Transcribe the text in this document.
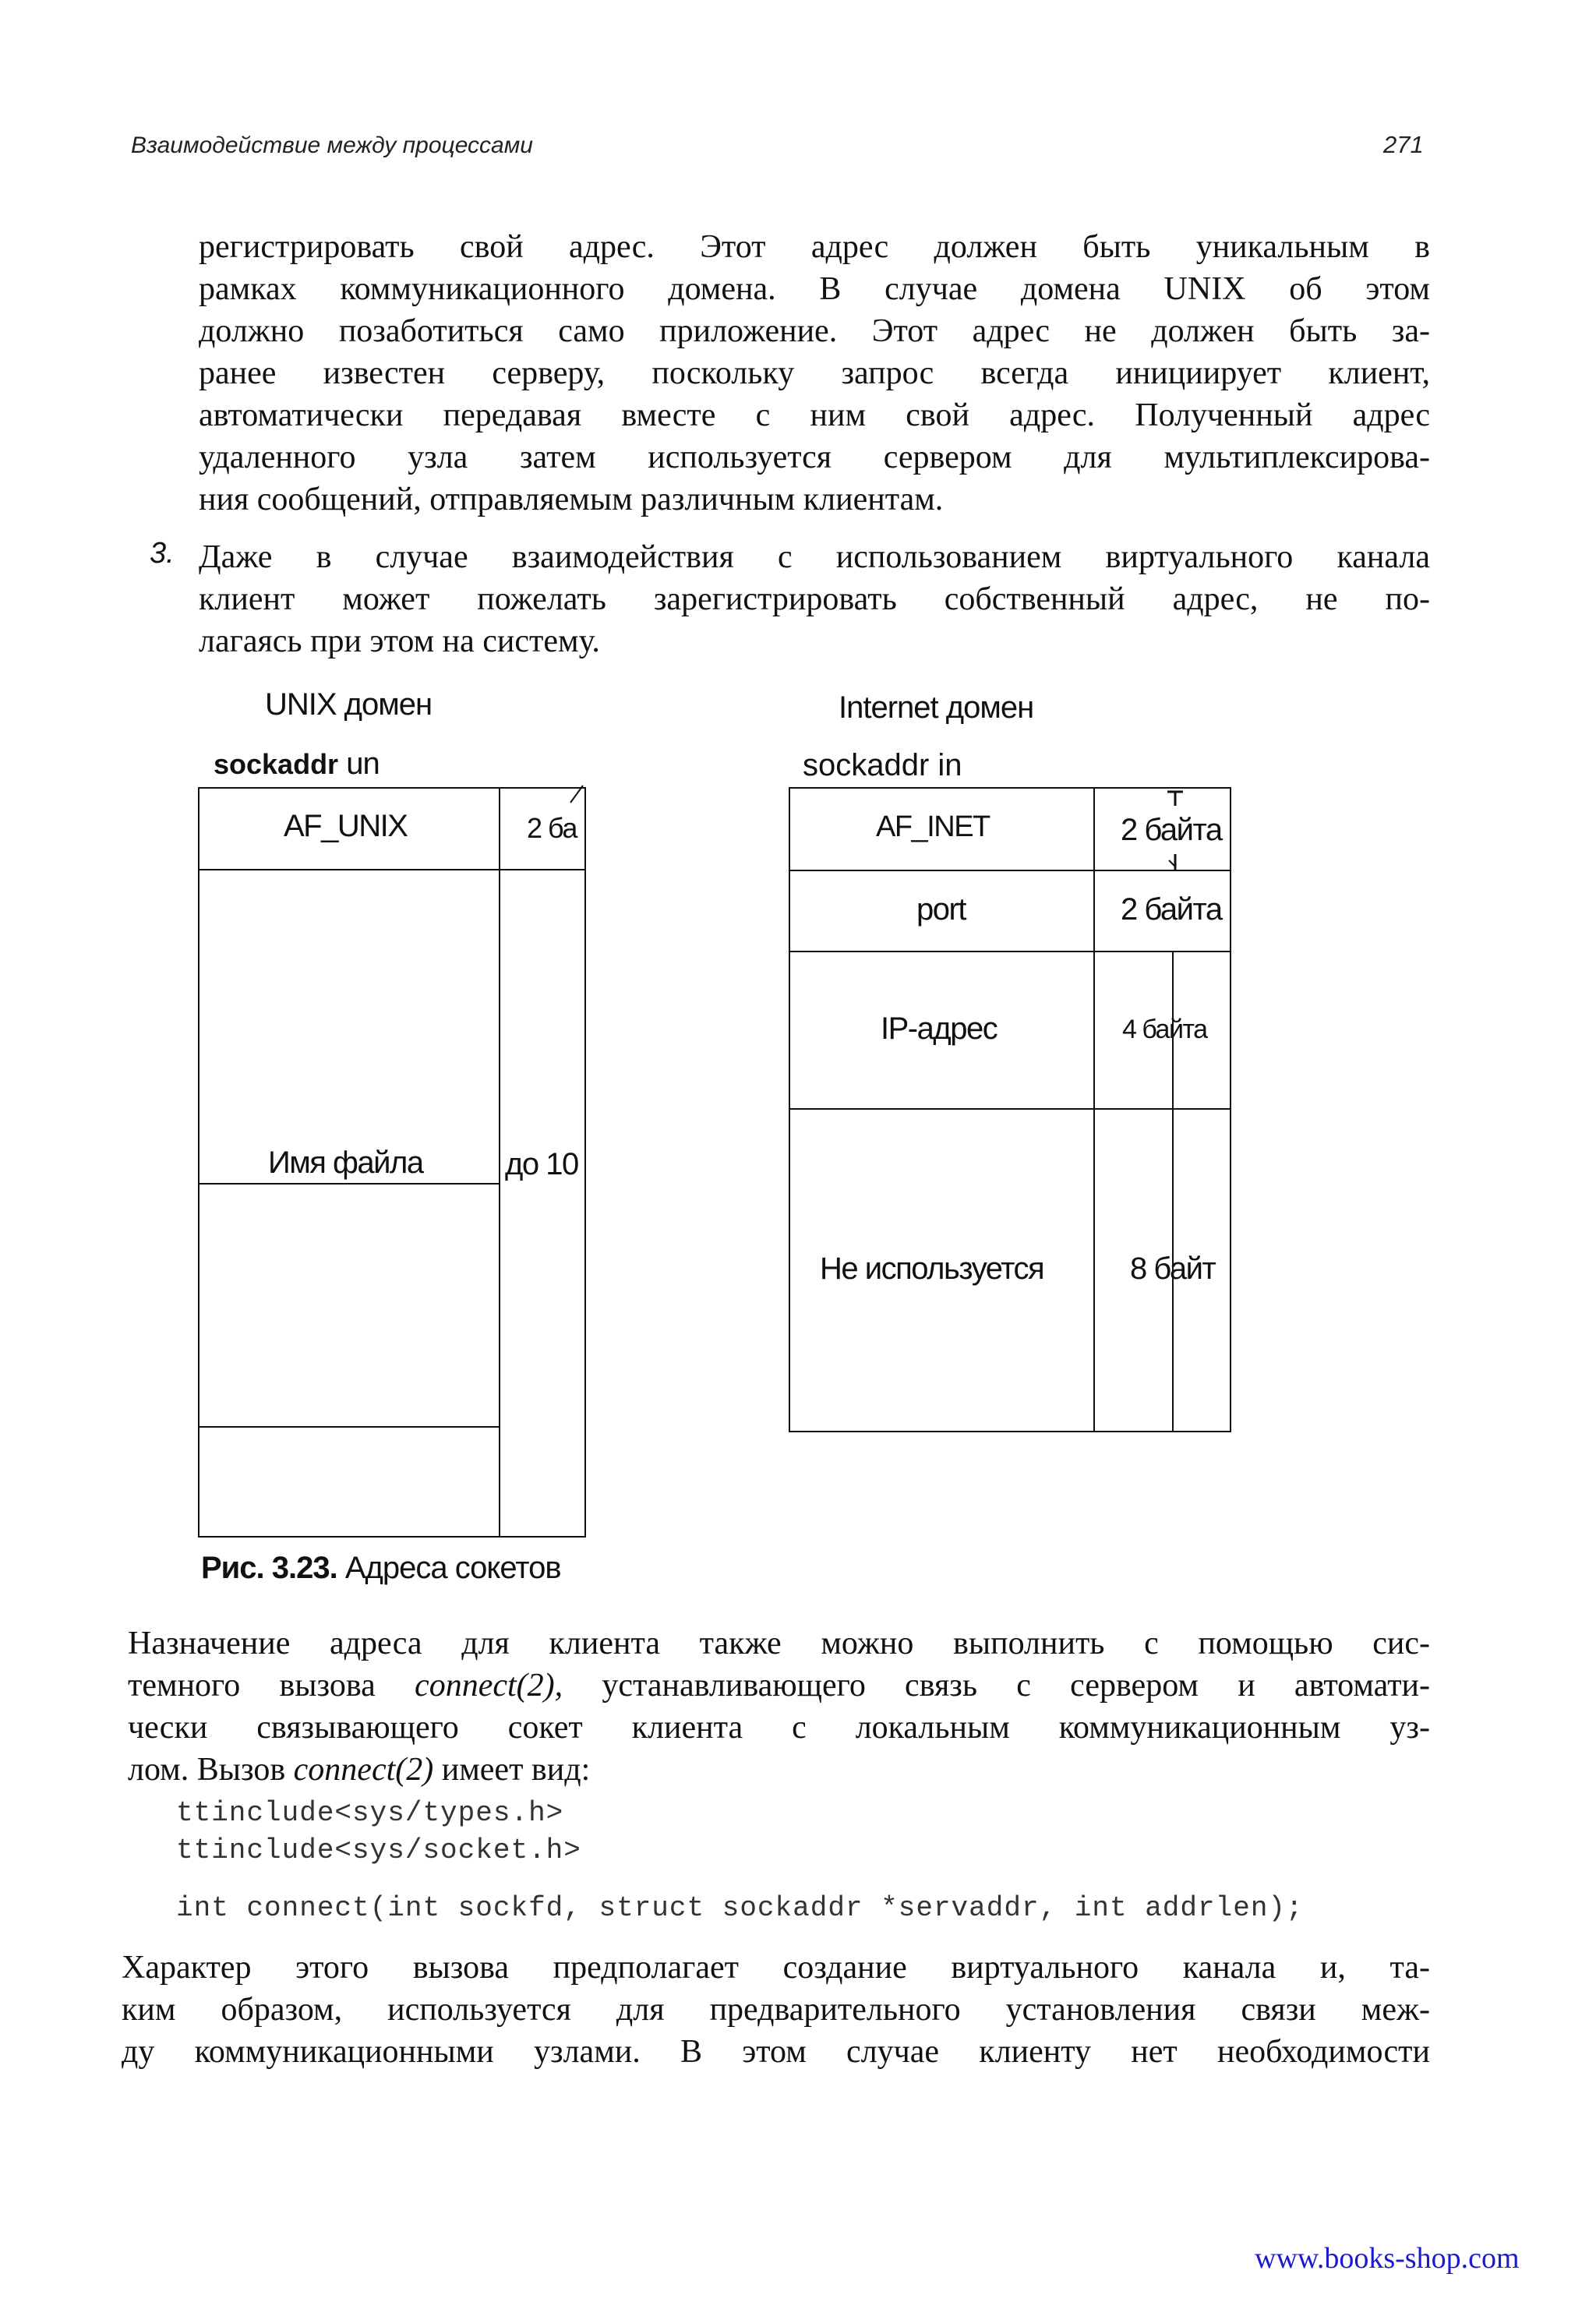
Взаимодействие между процессами	271
регистрировать свой адрес. Этот адрес должен быть уникальным в
рамках коммуникационного домена. В случае домена UNIX об этом
должно позаботиться само приложение. Этот адрес не должен быть за-
ранее известен серверу, поскольку запрос всегда инициирует клиент,
автоматически передавая вместе с ним свой адрес. Полученный адрес
удаленного узла затем используется сервером для мультиплексирова-
ния сообщений, отправляемым различным клиентам.
3. Даже в случае взаимодействия с использованием виртуального канала
клиент может пожелать зарегистрировать собственный адрес, не по-
лагаясь при этом на систему.
UNIX домен
sockaddr un
AF_UNIX	2 ба
Имя файла	до 10
Internet домен
sockaddr in
AF_INET	2 байта
port	2 байта
IP-адрес	4 байта
Не используется	8 байт
Рис. 3.23. Адреса сокетов
Назначение адреса для клиента также можно выполнить с помощью сис-
темного вызова connect(2), устанавливающего связь с сервером и автомати-
чески связывающего сокет клиента с локальным коммуникационным уз-
лом. Вызов connect(2) имеет вид:
ttinclude<sys/types.h>
ttinclude<sys/socket.h>
int connect(int sockfd, struct sockaddr *servaddr, int addrlen);
Характер этого вызова предполагает создание виртуального канала и, та-
ким образом, используется для предварительного установления связи меж-
ду коммуникационными узлами. В этом случае клиенту нет необходимости
www.books-shop.com
